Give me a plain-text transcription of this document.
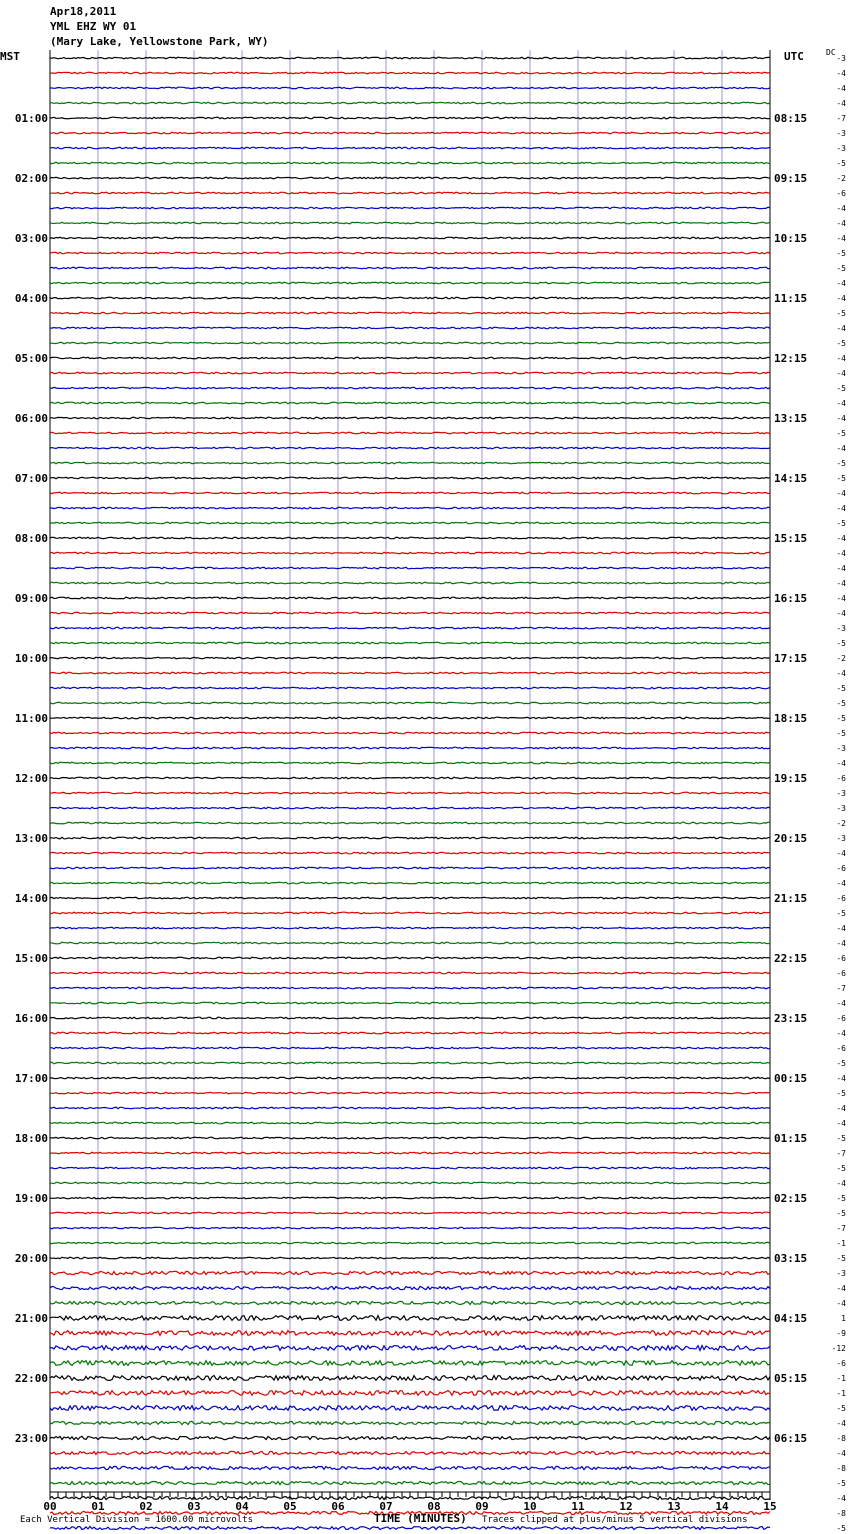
Apr18,2011
YML EHZ WY 01
(Mary Lake, Yellowstone Park, WY)
MST	UTC	DC
-3
-4
-4
-4
-7
-3
-3
-5
-2
-6
-4
-4
-4
-5
-5
-4
-4
-5
-4
-5
-4
-4
-5
-4
-4
-5
-4
-5
-5
-4
-4
-5
-4
-4
-4
-4
-4
-4
-3
-5
-2
-4
-5
-5
-5
-5
-3
-4
-6
-3
-3
-2
-3
-4
-6
-4
-6
-5
-4
-4
-6
-6
-7
-4
-6
-4
-6
-5
-4
-5
-4
-4
-5
-7
-5
-4
-5
-5
-7
-1
-5
-3
-4
-4
1
-9
-12
-6
-1
-1
-5
-4
-8
-4
-8
-5
-4
-8
-5
01:00
02:00
03:00
04:00
05:00
06:00
07:00
08:00
09:00
10:00
11:00
12:00
13:00
14:00
15:00
16:00
17:00
18:00
19:00
20:00
21:00
22:00
23:00
08:15
09:15
10:15
11:15
12:15
13:15
14:15
15:15
16:15
17:15
18:15
19:15
20:15
21:15
22:15
23:15
00:15
01:15
02:15
03:15
04:15
05:15
06:15
00	01	02	03	04	05	06	07	08	09	10	11	12	13	14	15
Each Vertical Division = 1600.00 microvolts	TIME (MINUTES) Traces clipped at plus/minus 5 vertical divisions
